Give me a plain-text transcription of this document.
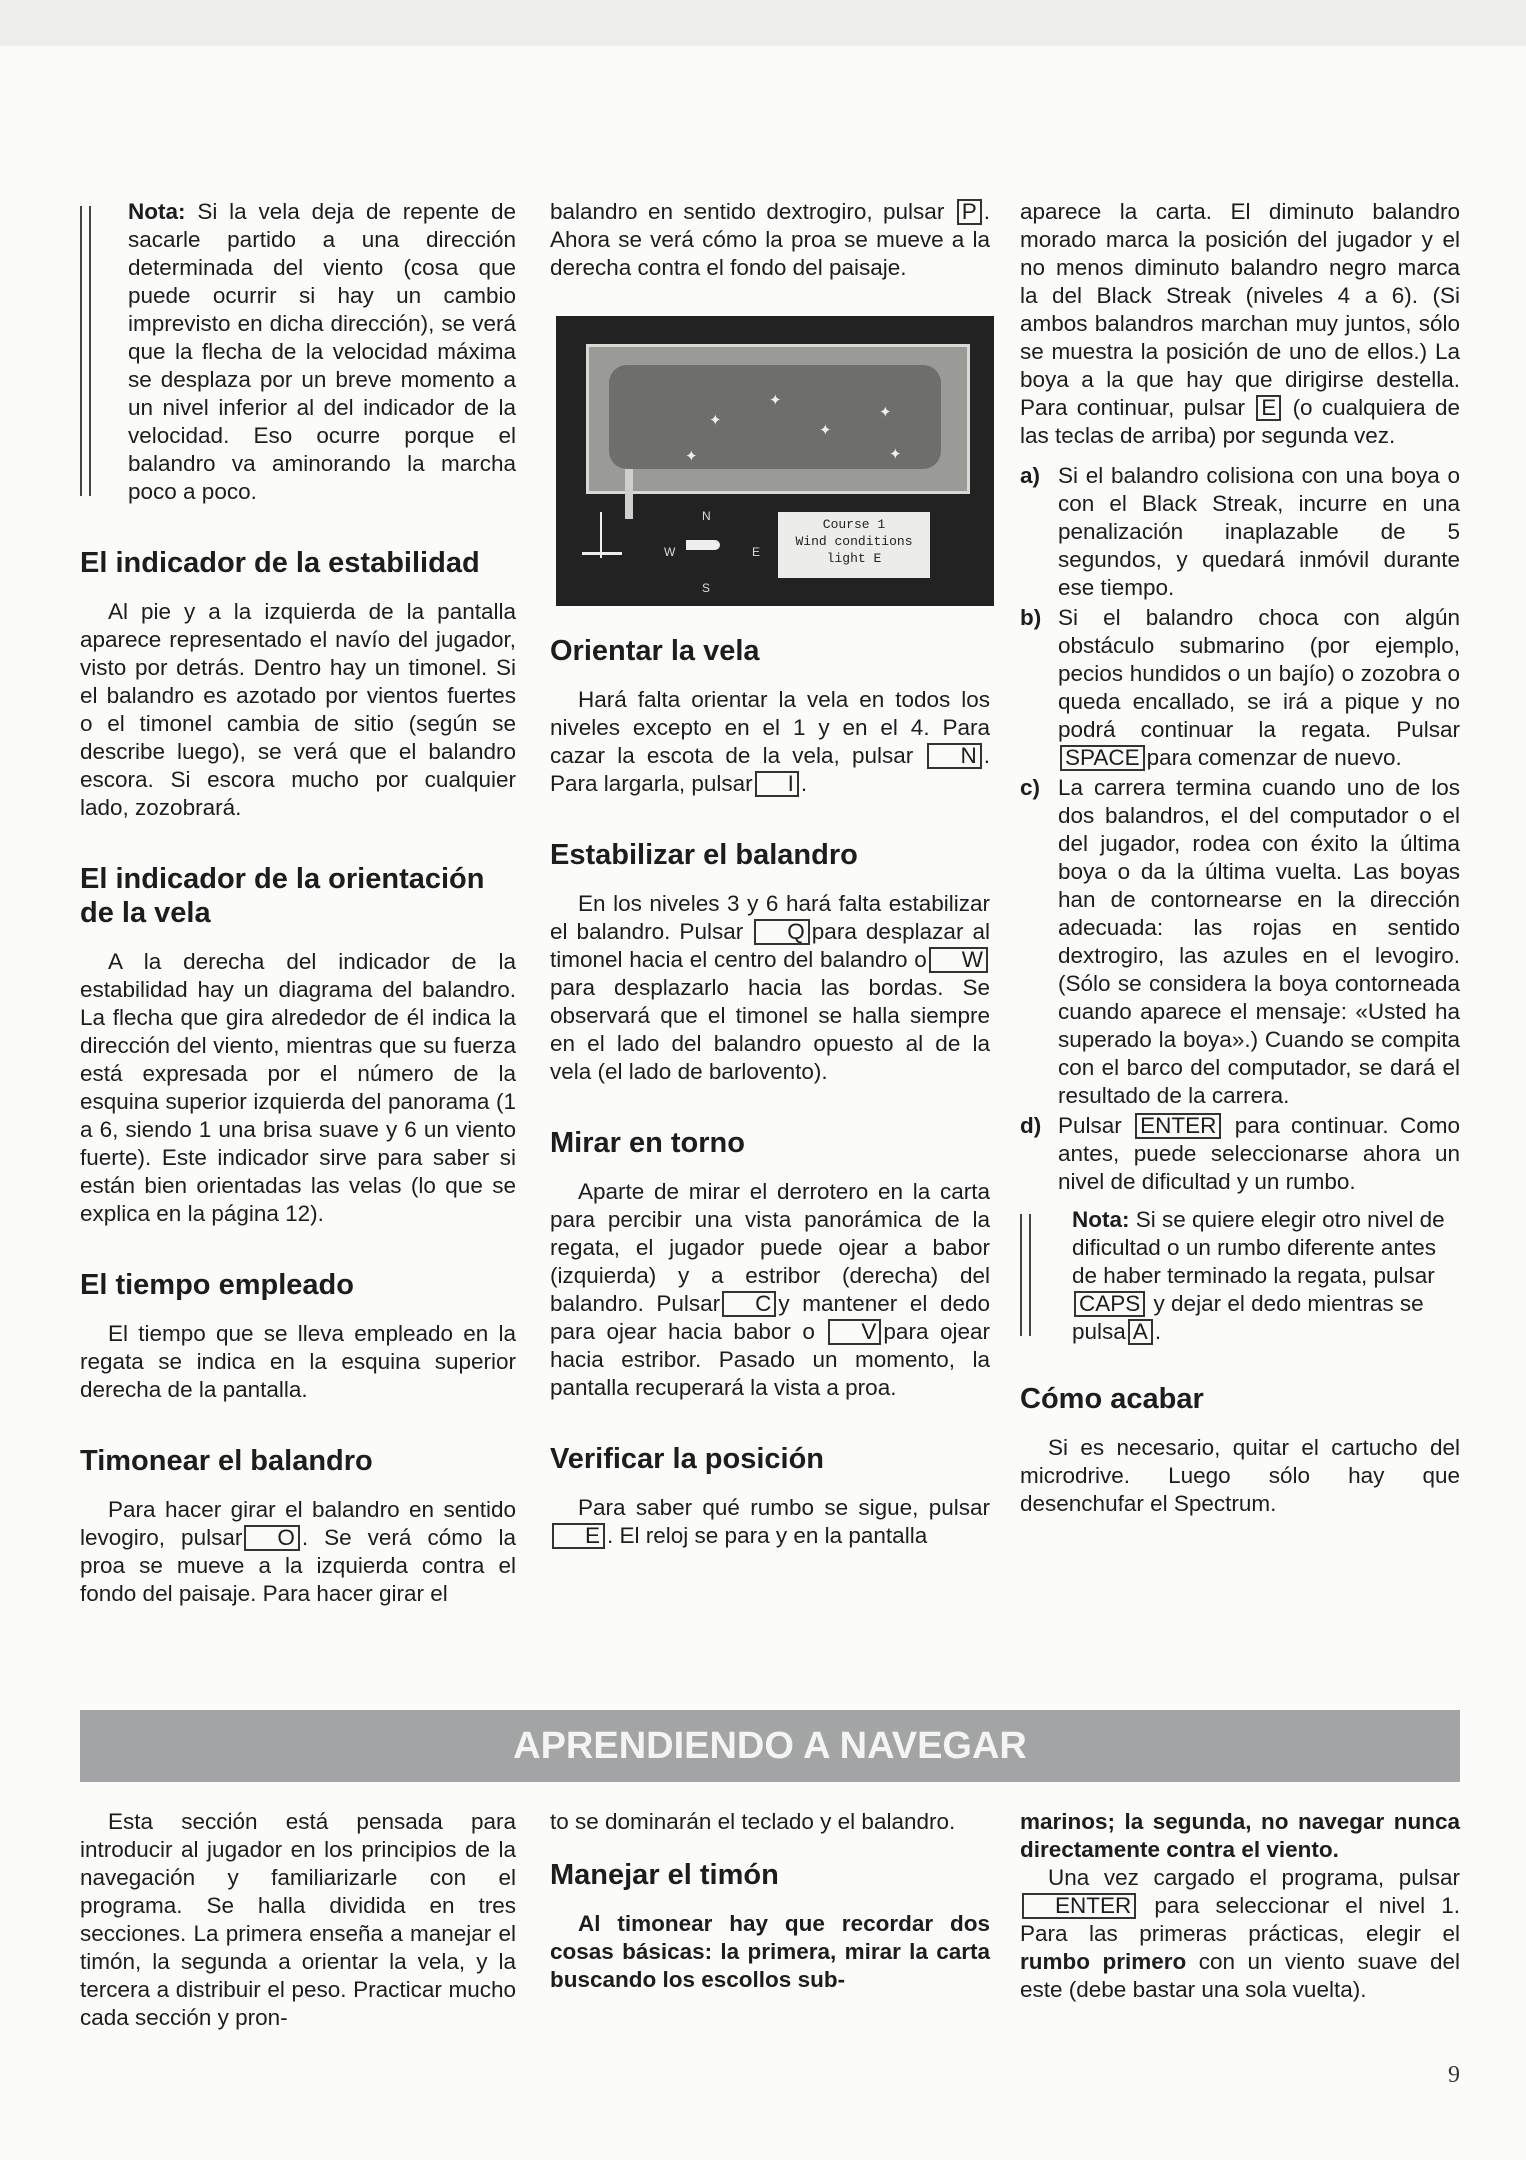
Nota: Si la vela deja de repente de sacarle partido a una dirección determinada del viento (cosa que puede ocurrir si hay un cambio imprevisto en dicha dirección), se verá que la flecha de la velocidad máxima se desplaza por un breve momento a un nivel inferior al del indicador de la velocidad. Eso ocurre porque el balandro va aminorando la marcha poco a poco.

El indicador de la estabilidad

Al pie y a la izquierda de la pantalla aparece representado el navío del jugador, visto por detrás. Dentro hay un timonel. Si el balandro es azotado por vientos fuertes o el timonel cambia de sitio (según se describe luego), se verá que el balandro escora. Si escora mucho por cualquier lado, zozobrará.

El indicador de la orientación de la vela

A la derecha del indicador de la estabilidad hay un diagrama del balandro. La flecha que gira alrededor de él indica la dirección del viento, mientras que su fuerza está expresada por el número de la esquina superior izquierda del panorama (1 a 6, siendo 1 una brisa suave y 6 un viento fuerte). Este indicador sirve para saber si están bien orientadas las velas (lo que se explica en la página 12).

El tiempo empleado

El tiempo que se lleva empleado en la regata se indica en la esquina superior derecha de la pantalla.

Timonear el balandro

Para hacer girar el balandro en sentido levogiro, pulsar O . Se verá cómo la proa se mueve a la izquierda contra el fondo del paisaje. Para hacer girar el

balandro en sentido dextrogiro, pulsar P . Ahora se verá cómo la proa se mueve a la derecha contra el fondo del paisaje.

✦
✦
✦
✦
✦	✦
N
S
W	E
Course 1
Wind conditions
light E
Orientar la vela

Hará falta orientar la vela en todos los niveles excepto en el 1 y en el 4. Para cazar la escota de la vela, pulsar N . Para largarla, pulsar I .

Estabilizar el balandro

En los niveles 3 y 6 hará falta estabilizar el balandro. Pulsar Q para desplazar al timonel hacia el centro del balandro o Wpara desplazarlo hacia las bordas. Se observará que el timonel se halla siempre en el lado del balandro opuesto al de la vela (el lado de barlovento).

Mirar en torno

Aparte de mirar el derrotero en la carta para percibir una vista panorámica de la regata, el jugador puede ojear a babor (izquierda) y a estribor (derecha) del balandro. Pulsar C y mantener el dedo para ojear hacia babor o V para ojear hacia estribor. Pasado un momento, la pantalla recuperará la vista a proa.

Verificar la posición

Para saber qué rumbo se sigue, pulsar E . El reloj se para y en la pantalla

aparece la carta. El diminuto balandro morado marca la posición del jugador y el no menos diminuto balandro negro marca la del Black Streak (niveles 4 a 6). (Si ambos balandros marchan muy juntos, sólo se muestra la posición de uno de ellos.) La boya a la que hay que dirigirse destella. Para continuar, pulsar E (o cualquiera de las teclas de arriba) por segunda vez.

a) Si el balandro colisiona con una boya o con el Black Streak, incurre en una penalización inaplazable de 5 segundos, y quedará inmóvil durante ese tiempo.
b) Si el balandro choca con algún obstáculo submarino (por ejemplo, pecios hundidos o un bajío) o zozobra o queda encallado, se irá a pique y no podrá continuar la regata. Pulsar SPACE para comenzar de nuevo.
c) La carrera termina cuando uno de los dos balandros, el del computador o el del jugador, rodea con éxito la última boya o da la última vuelta. Las boyas han de contornearse en la dirección adecuada: las rojas en sentido dextrogiro, las azules en el levogiro. (Sólo se considera la boya contorneada cuando aparece el mensaje: «Usted ha superado la boya».) Cuando se compita con el barco del computador, se dará el resultado de la carrera.
d) Pulsar ENTER para continuar. Como antes, puede seleccionarse ahora un nivel de dificultad y un rumbo.

Nota: Si se quiere elegir otro nivel de dificultad o un rumbo diferente antes de haber terminado la regata, pulsar CAPS y dejar el dedo mientras se pulsa A .

Cómo acabar

Si es necesario, quitar el cartucho del microdrive. Luego sólo hay que desenchufar el Spectrum.

APRENDIENDO A NAVEGAR

Esta sección está pensada para introducir al jugador en los principios de la navegación y familiarizarle con el programa. Se halla dividida en tres secciones. La primera enseña a manejar el timón, la segunda a orientar la vela, y la tercera a distribuir el peso. Practicar mucho cada sección y pron-

to se dominarán el teclado y el balandro.

Manejar el timón

Al timonear hay que recordar dos cosas básicas: la primera, mirar la carta buscando los escollos sub-

marinos; la segunda, no navegar nunca directamente contra el viento.

Una vez cargado el programa, pulsar ENTER para seleccionar el nivel 1. Para las primeras prácticas, elegir el rumbo primero con un viento suave del este (debe bastar una sola vuelta).

9
